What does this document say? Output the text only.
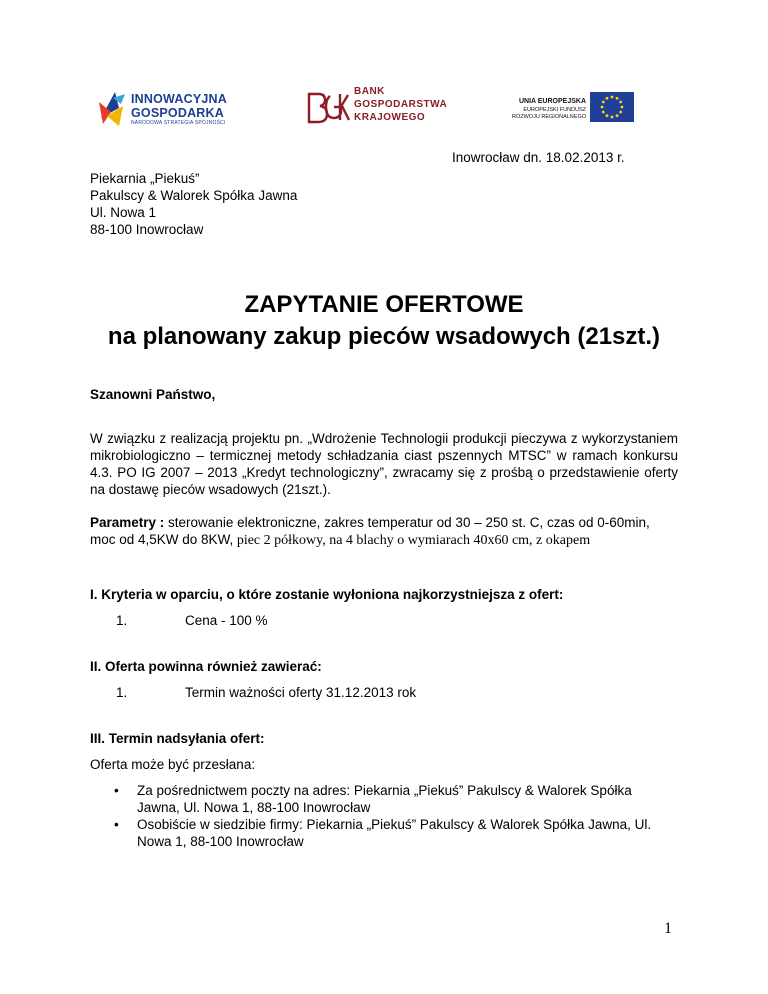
INNOWACYJNA
GOSPODARKA
NARODOWA STRATEGIA SPÓJNOŚCI
BANK
GOSPODARSTWA
KRAJOWEGO
UNIA EUROPEJSKA
EUROPEJSKI FUNDUSZ
ROZWOJU REGIONALNEGO
Inowrocław dn. 18.02.2013 r.
Piekarnia „Piekuś”
Pakulscy & Walorek Spółka Jawna
Ul. Nowa 1
88-100 Inowrocław
ZAPYTANIE OFERTOWE
na planowany zakup pieców wsadowych (21szt.)
Szanowni Państwo,
W związku z realizacją projektu pn. „Wdrożenie Technologii produkcji pieczywa z wykorzystaniem mikrobiologiczno – termicznej metody schładzania ciast pszennych MTSC” w ramach konkursu 4.3. PO IG 2007 – 2013 „Kredyt technologiczny”, zwracamy się z prośbą o przedstawienie oferty na dostawę pieców wsadowych (21szt.).
Parametry : sterowanie elektroniczne, zakres temperatur od 30 – 250 st. C, czas od 0-60min,
moc od 4,5KW do 8KW, piec 2 półkowy, na 4 blachy o wymiarach 40x60 cm, z okapem
I. Kryteria w oparciu, o które zostanie wyłoniona najkorzystniejsza z ofert:
1.	Cena - 100 %
II. Oferta powinna również zawierać:
1.	Termin ważności oferty 31.12.2013 rok
III. Termin nadsyłania ofert:
Oferta może być przesłana:
• Za pośrednictwem poczty na adres: Piekarnia „Piekuś” Pakulscy & Walorek Spółka
Jawna, Ul. Nowa 1, 88-100 Inowrocław
• Osobiście w siedzibie firmy: Piekarnia „Piekuś” Pakulscy & Walorek Spółka Jawna, Ul.
Nowa 1, 88-100 Inowrocław
1
